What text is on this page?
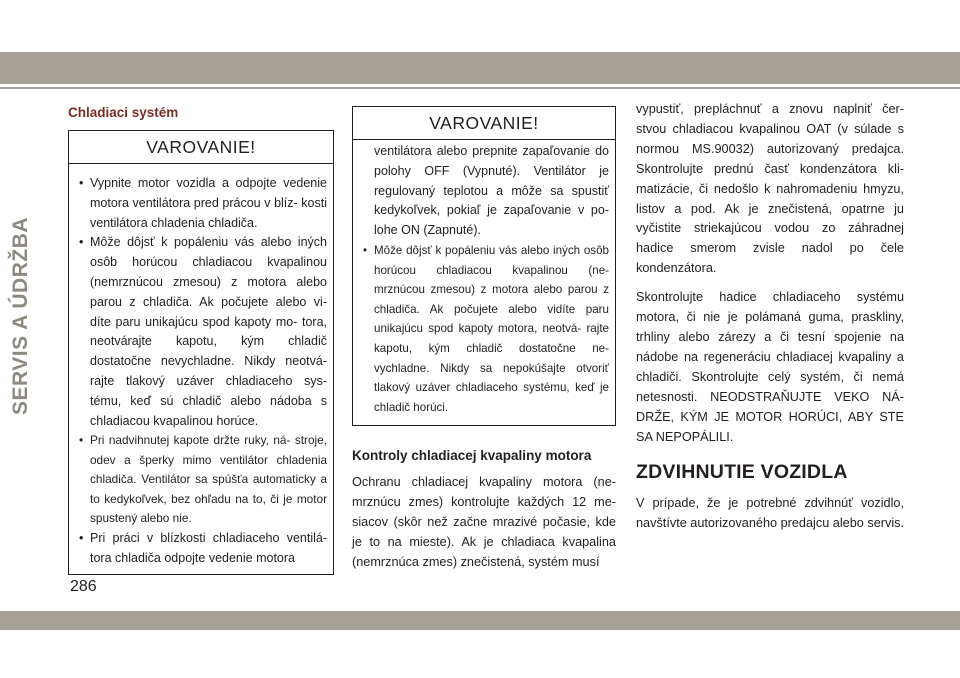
SERVIS A ÚDRŽBA
Chladiaci systém
VAROVANIE!

• Vypnite motor vozidla a odpojte vedenie motora ventilátora pred prácou v blíz- kosti ventilátora chladenia chladiča.

• Môže dôjsť k popáleniu vás alebo iných osôb horúcou chladiacou kvapalinou (nemrznúcou zmesou) z motora alebo parou z chladiča. Ak počujete alebo vi- díte paru unikajúcu spod kapoty mo- tora, neotvárajte kapotu, kým chladič dostatočne nevychladne. Nikdy neotvá- rajte tlakový uzáver chladiaceho sys- tému, keď sú chladič alebo nádoba s chladiacou kvapalinou horúce.

• Pri nadvihnutej kapote držte ruky, ná- stroje, odev a šperky mimo ventilátor chladenia chladiča. Ventilátor sa spúšťa automaticky a to kedykoľvek, bez ohľadu na to, či je motor spustený alebo nie.

• Pri práci v blízkosti chladiaceho ventilá- tora chladiča odpojte vedenie motora

VAROVANIE!

ventilátora alebo prepnite zapaľovanie do polohy OFF (Vypnuté). Ventilátor je regulovaný teplotou a môže sa spustiť kedykoľvek, pokiaľ je zapaľovanie v po- lohe ON (Zapnuté).

• Môže dôjsť k popáleniu vás alebo iných osôb horúcou chladiacou kvapalinou (ne- mrznúcou zmesou) z motora alebo parou z chladiča. Ak počujete alebo vidíte paru unikajúcu spod kapoty motora, neotvá- rajte kapotu, kým chladič dostatočne ne- vychladne. Nikdy sa nepokúšajte otvoriť tlakový uzáver chladiaceho systému, keď je chladič horúci.

Kontroly chladiacej kvapaliny motora

Ochranu chladiacej kvapaliny motora (ne- mrznúcu zmes) kontrolujte každých 12 me- siacov (skôr než začne mrazivé počasie, kde je to na mieste). Ak je chladiaca kvapalina (nemrznúca zmes) znečistená, systém musí

vypustiť, prepláchnuť a znovu naplniť čer- stvou chladiacou kvapalinou OAT (v súlade s normou MS.90032) autorizovaný predajca. Skontrolujte prednú časť kondenzátora kli- matizácie, či nedošlo k nahromadeniu hmyzu, listov a pod. Ak je znečistená, opatrne ju vyčistite striekajúcou vodou zo záhradnej hadice smerom zvisle nadol po čele kondenzátora.

Skontrolujte hadice chladiaceho systému motora, či nie je polámaná guma, praskliny, trhliny alebo zárezy a či tesní spojenie na nádobe na regeneráciu chladiacej kvapaliny a chladiči. Skontrolujte celý systém, či nemá netesnosti. NEODSTRAŇUJTE VEKO NÁ- DRŽE, KÝM JE MOTOR HORÚCI, ABY STE SA NEPOPÁLILI.

ZDVIHNUTIE VOZIDLA

V prípade, že je potrebné zdvihnúť vozidlo, navštívte autorizovaného predajcu alebo servis.

286
